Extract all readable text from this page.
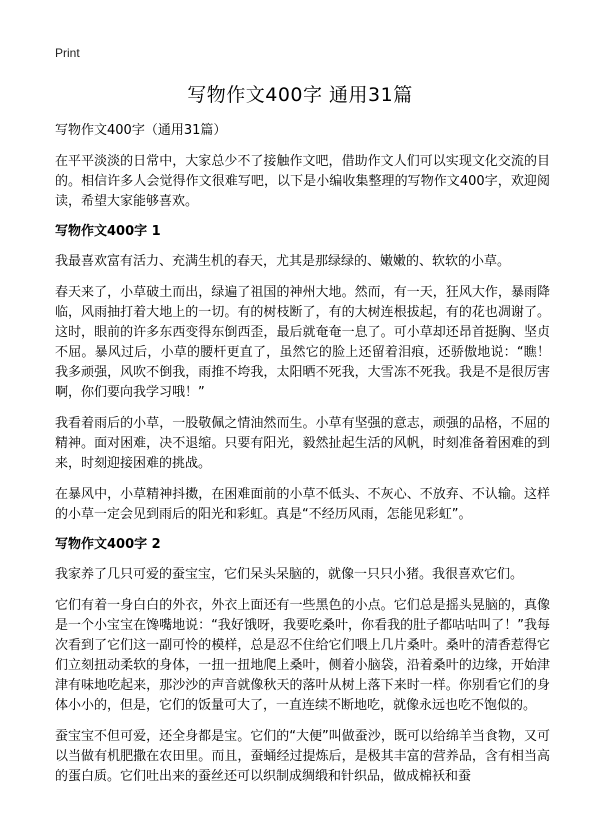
Print
写物作文400字 通用31篇
写物作文400字（通用31篇）

在平平淡淡的日常中，大家总少不了接触作文吧，借助作文人们可以实现文化交流的目的。相信许多人会觉得作文很难写吧，以下是小编收集整理的写物作文400字，欢迎阅读，希望大家能够喜欢。

写物作文400字 1

我最喜欢富有活力、充满生机的春天，尤其是那绿绿的、嫩嫩的、软软的小草。

春天来了，小草破土而出，绿遍了祖国的神州大地。然而，有一天，狂风大作，暴雨降临，风雨抽打着大地上的一切。有的树枝断了，有的大树连根拔起，有的花也凋谢了。这时，眼前的许多东西变得东倒西歪，最后就奄奄一息了。可小草却还昂首挺胸、坚贞不屈。暴风过后，小草的腰杆更直了，虽然它的脸上还留着泪痕，还骄傲地说：“瞧！我多顽强，风吹不倒我，雨推不垮我，太阳晒不死我，大雪冻不死我。我是不是很厉害啊，你们要向我学习哦！”

我看着雨后的小草，一股敬佩之情油然而生。小草有坚强的意志，顽强的品格，不屈的精神。面对困难，决不退缩。只要有阳光，毅然扯起生活的风帆，时刻准备着困难的到来，时刻迎接困难的挑战。

在暴风中，小草精神抖擞，在困难面前的小草不低头、不灰心、不放弃、不认输。这样的小草一定会见到雨后的阳光和彩虹。真是“不经历风雨，怎能见彩虹”。

写物作文400字 2

我家养了几只可爱的蚕宝宝，它们呆头呆脑的，就像一只只小猪。我很喜欢它们。

它们有着一身白白的外衣，外衣上面还有一些黑色的小点。它们总是摇头晃脑的，真像是一个小宝宝在馋嘴地说：“我好饿呀，我要吃桑叶，你看我的肚子都咕咕叫了！”我每次看到了它们这一副可怜的模样，总是忍不住给它们喂上几片桑叶。桑叶的清香惹得它们立刻扭动柔软的身体，一扭一扭地爬上桑叶，侧着小脑袋，沿着桑叶的边缘，开始津津有味地吃起来，那沙沙的声音就像秋天的落叶从树上落下来时一样。你别看它们的身体小小的，但是，它们的饭量可大了，一直连续不断地吃，就像永远也吃不饱似的。

蚕宝宝不但可爱，还全身都是宝。它们的“大便”叫做蚕沙，既可以给绵羊当食物，又可以当做有机肥撒在农田里。而且，蚕蛹经过提炼后，是极其丰富的营养品，含有相当高的蛋白质。它们吐出来的蚕丝还可以织制成绸缎和针织品，做成棉袄和蚕
